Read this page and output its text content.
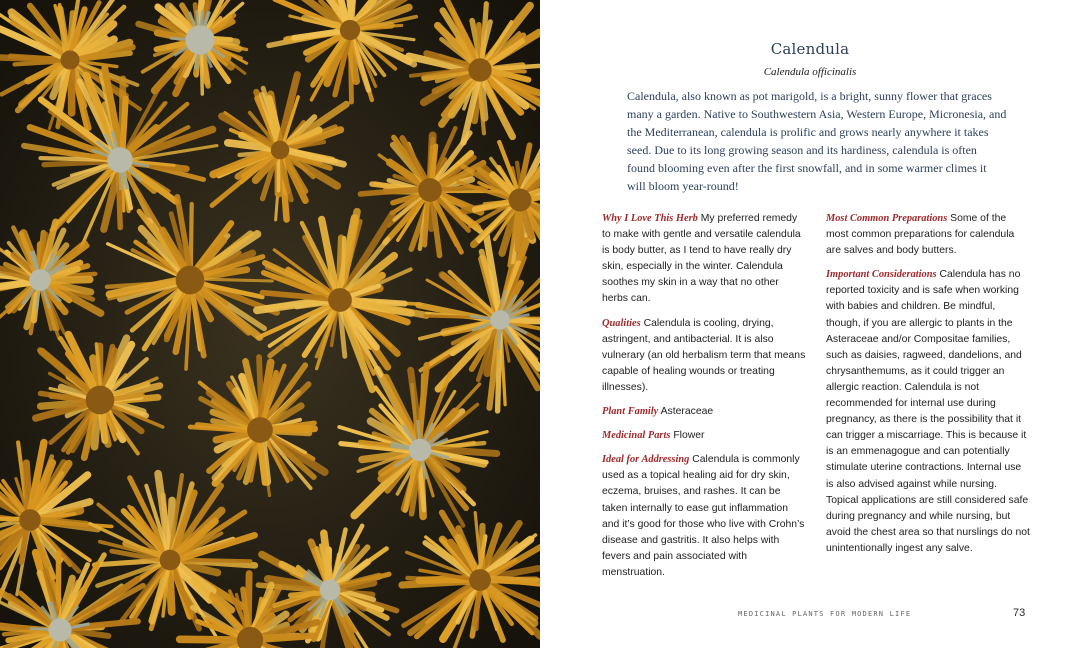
Calendula
Calendula officinalis

Calendula, also known as pot marigold, is a bright, sunny flower that graces many a garden. Native to Southwestern Asia, Western Europe, Micronesia, and the Mediterranean, calendula is prolific and grows nearly anywhere it takes seed. Due to its long growing season and its hardiness, calendula is often found blooming even after the first snowfall, and in some warmer climes it will bloom year-round!

Why I Love This Herb My preferred remedy to make with gentle and versatile calendula is body butter, as I tend to have really dry skin, especially in the winter. Calendula soothes my skin in a way that no other herbs can.

Qualities Calendula is cooling, drying, astringent, and antibacterial. It is also vulnerary (an old herbalism term that means capable of healing wounds or treating illnesses).

Plant Family Asteraceae

Medicinal Parts Flower

Ideal for Addressing Calendula is commonly used as a topical healing aid for dry skin, eczema, bruises, and rashes. It can be taken internally to ease gut inflammation and it’s good for those who live with Crohn’s disease and gastritis. It also helps with fevers and pain associated with menstruation.

Most Common Preparations Some of the most common preparations for calendula are salves and body butters.

Important Considerations Calendula has no reported toxicity and is safe when working with babies and children. Be mindful, though, if you are allergic to plants in the Asteraceae and/or Compositae families, such as daisies, ragweed, dandelions, and chrysanthemums, as it could trigger an allergic reaction. Calendula is not recommended for internal use during pregnancy, as there is the possibility that it can trigger a miscarriage. This is because it is an emmenagogue and can potentially stimulate uterine contractions. Internal use is also advised against while nursing. Topical applications are still considered safe during pregnancy and while nursing, but avoid the chest area so that nurslings do not unintentionally ingest any salve.

MEDICINAL PLANTS FOR MODERN LIFE	73
